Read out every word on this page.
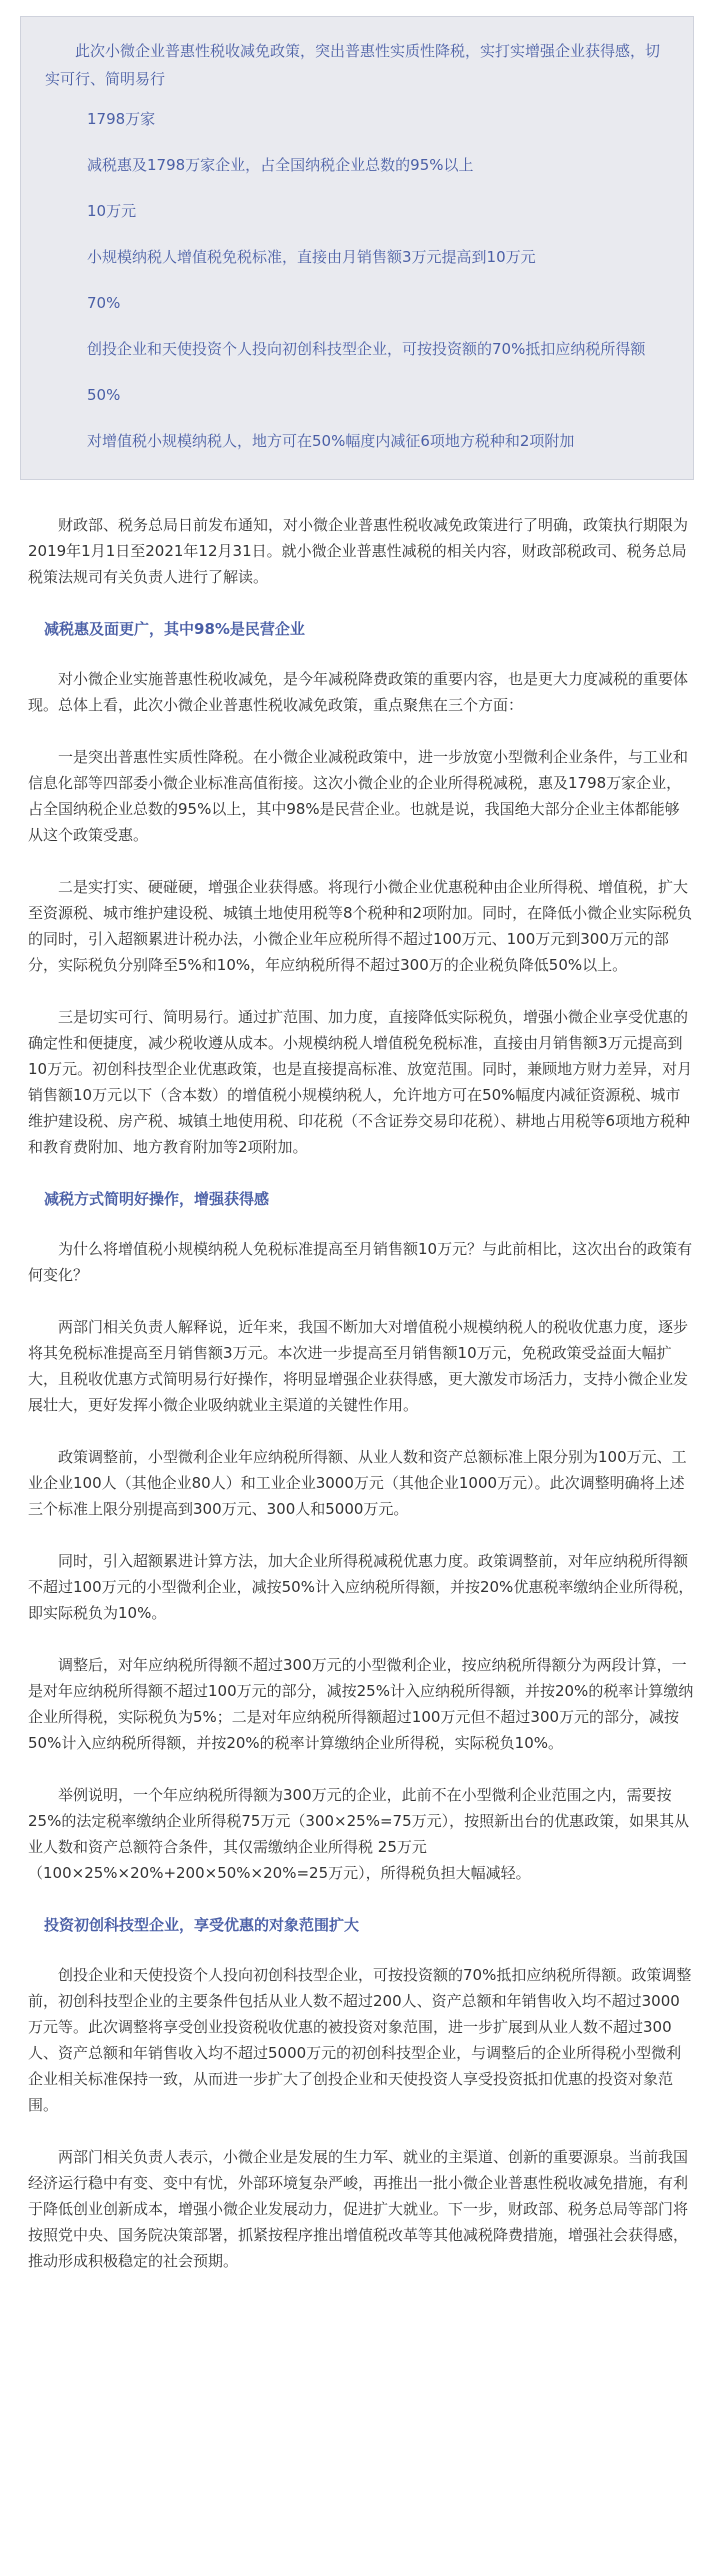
此次小微企业普惠性税收减免政策，突出普惠性实质性降税，实打实增强企业获得感，切实可行、简明易行

1798万家

减税惠及1798万家企业，占全国纳税企业总数的95%以上

10万元

小规模纳税人增值税免税标准，直接由月销售额3万元提高到10万元

70%

创投企业和天使投资个人投向初创科技型企业，可按投资额的70%抵扣应纳税所得额

50%

对增值税小规模纳税人，地方可在50%幅度内减征6项地方税种和2项附加

财政部、税务总局日前发布通知，对小微企业普惠性税收减免政策进行了明确，政策执行期限为2019年1月1日至2021年12月31日。就小微企业普惠性减税的相关内容，财政部税政司、税务总局税策法规司有关负责人进行了解读。

减税惠及面更广，其中98%是民营企业

对小微企业实施普惠性税收减免，是今年减税降费政策的重要内容，也是更大力度减税的重要体现。总体上看，此次小微企业普惠性税收减免政策，重点聚焦在三个方面：

一是突出普惠性实质性降税。在小微企业减税政策中，进一步放宽小型微利企业条件，与工业和信息化部等四部委小微企业标准高值衔接。这次小微企业的企业所得税减税，惠及1798万家企业，占全国纳税企业总数的95%以上，其中98%是民营企业。也就是说，我国绝大部分企业主体都能够从这个政策受惠。

二是实打实、硬碰硬，增强企业获得感。将现行小微企业优惠税种由企业所得税、增值税，扩大至资源税、城市维护建设税、城镇土地使用税等8个税种和2项附加。同时，在降低小微企业实际税负的同时，引入超额累进计税办法，小微企业年应税所得不超过100万元、100万元到300万元的部分，实际税负分别降至5%和10%，年应纳税所得不超过300万的企业税负降低50%以上。

三是切实可行、简明易行。通过扩范围、加力度，直接降低实际税负，增强小微企业享受优惠的确定性和便捷度，减少税收遵从成本。小规模纳税人增值税免税标准，直接由月销售额3万元提高到10万元。初创科技型企业优惠政策，也是直接提高标准、放宽范围。同时，兼顾地方财力差异，对月销售额10万元以下（含本数）的增值税小规模纳税人，允许地方可在50%幅度内减征资源税、城市维护建设税、房产税、城镇土地使用税、印花税（不含证券交易印花税）、耕地占用税等6项地方税种和教育费附加、地方教育附加等2项附加。

减税方式简明好操作，增强获得感

为什么将增值税小规模纳税人免税标准提高至月销售额10万元？与此前相比，这次出台的政策有何变化？

两部门相关负责人解释说，近年来，我国不断加大对增值税小规模纳税人的税收优惠力度，逐步将其免税标准提高至月销售额3万元。本次进一步提高至月销售额10万元，免税政策受益面大幅扩大，且税收优惠方式简明易行好操作，将明显增强企业获得感，更大激发市场活力，支持小微企业发展壮大，更好发挥小微企业吸纳就业主渠道的关键性作用。

政策调整前，小型微利企业年应纳税所得额、从业人数和资产总额标准上限分别为100万元、工业企业100人（其他企业80人）和工业企业3000万元（其他企业1000万元）。此次调整明确将上述三个标准上限分别提高到300万元、300人和5000万元。

同时，引入超额累进计算方法，加大企业所得税减税优惠力度。政策调整前，对年应纳税所得额不超过100万元的小型微利企业，减按50%计入应纳税所得额，并按20%优惠税率缴纳企业所得税，即实际税负为10%。

调整后，对年应纳税所得额不超过300万元的小型微利企业，按应纳税所得额分为两段计算，一是对年应纳税所得额不超过100万元的部分，减按25%计入应纳税所得额，并按20%的税率计算缴纳企业所得税，实际税负为5%；二是对年应纳税所得额超过100万元但不超过300万元的部分，减按50%计入应纳税所得额，并按20%的税率计算缴纳企业所得税，实际税负10%。

举例说明，一个年应纳税所得额为300万元的企业，此前不在小型微利企业范围之内，需要按25%的法定税率缴纳企业所得税75万元（300×25%=75万元），按照新出台的优惠政策，如果其从业人数和资产总额符合条件，其仅需缴纳企业所得税 25万元（100×25%×20%+200×50%×20%=25万元），所得税负担大幅减轻。

投资初创科技型企业，享受优惠的对象范围扩大

创投企业和天使投资个人投向初创科技型企业，可按投资额的70%抵扣应纳税所得额。政策调整前，初创科技型企业的主要条件包括从业人数不超过200人、资产总额和年销售收入均不超过3000万元等。此次调整将享受创业投资税收优惠的被投资对象范围，进一步扩展到从业人数不超过300人、资产总额和年销售收入均不超过5000万元的初创科技型企业，与调整后的企业所得税小型微利企业相关标准保持一致，从而进一步扩大了创投企业和天使投资人享受投资抵扣优惠的投资对象范围。

两部门相关负责人表示，小微企业是发展的生力军、就业的主渠道、创新的重要源泉。当前我国经济运行稳中有变、变中有忧，外部环境复杂严峻，再推出一批小微企业普惠性税收减免措施，有利于降低创业创新成本，增强小微企业发展动力，促进扩大就业。下一步，财政部、税务总局等部门将按照党中央、国务院决策部署，抓紧按程序推出增值税改革等其他减税降费措施，增强社会获得感，推动形成积极稳定的社会预期。
